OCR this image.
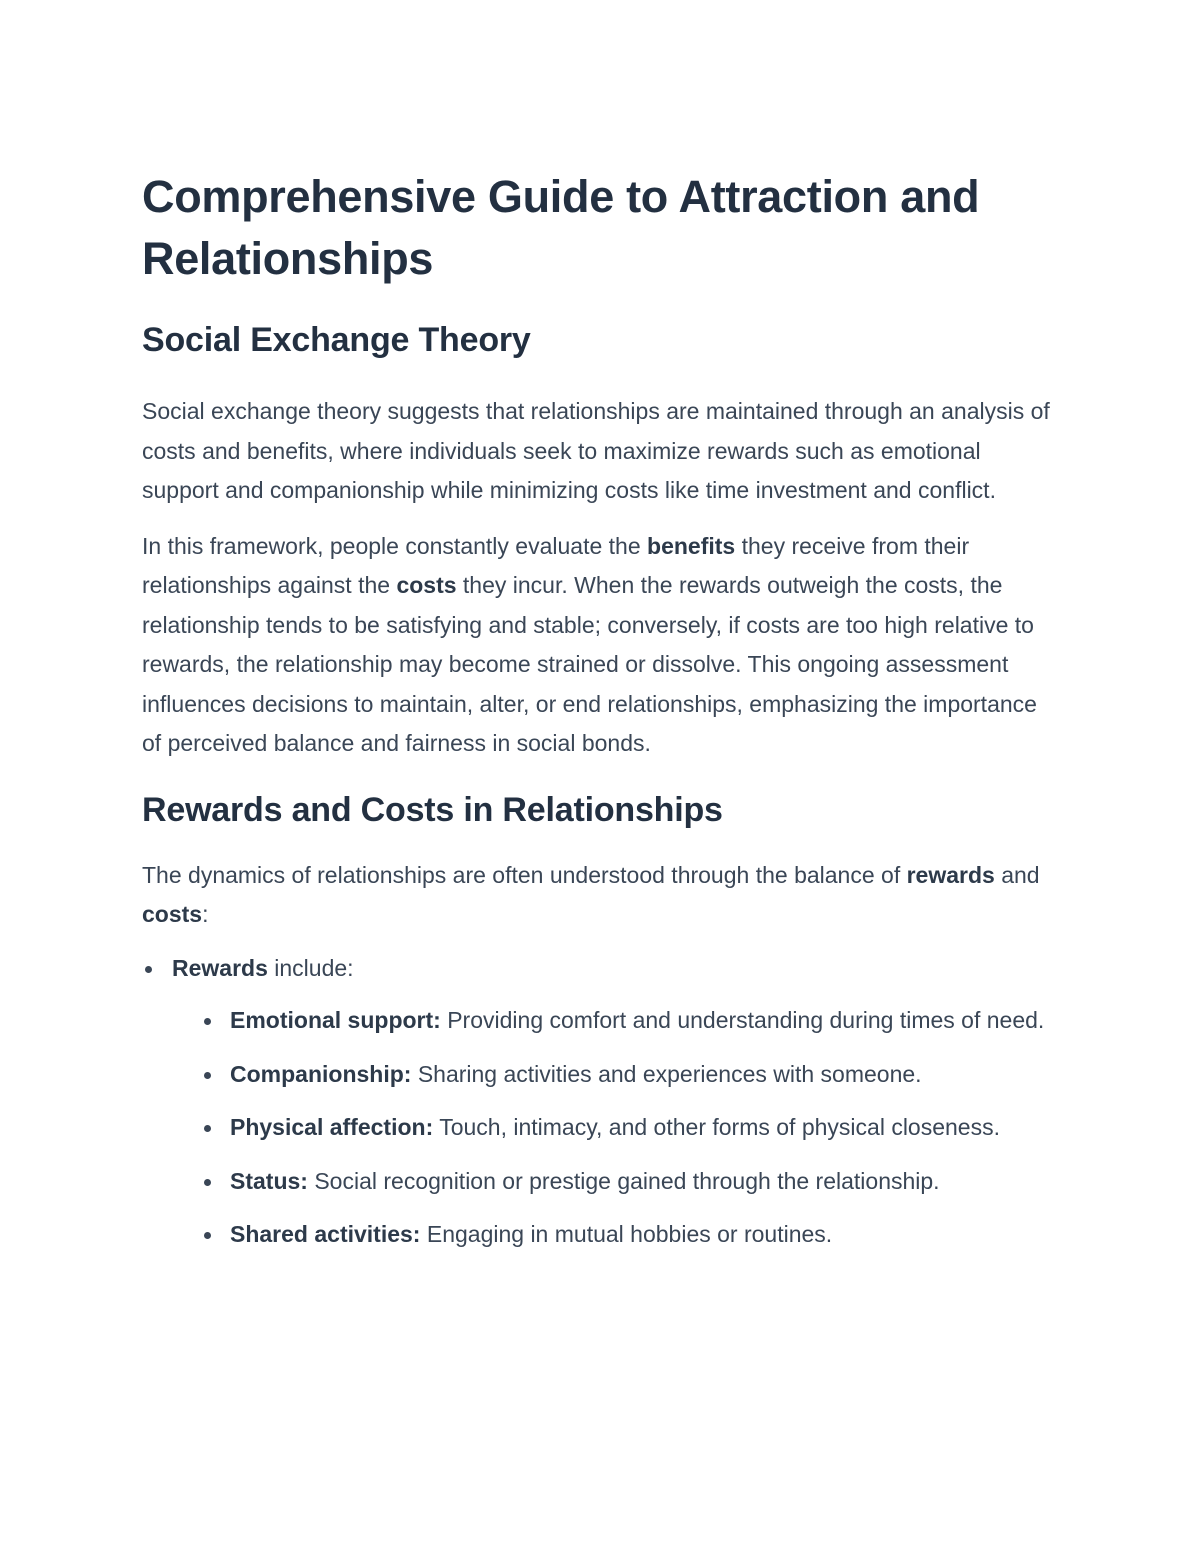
Comprehensive Guide to Attraction and Relationships
Social Exchange Theory

Social exchange theory suggests that relationships are maintained through an analysis of costs and benefits, where individuals seek to maximize rewards such as emotional support and companionship while minimizing costs like time investment and conflict.

In this framework, people constantly evaluate the benefits they receive from their relationships against the costs they incur. When the rewards outweigh the costs, the relationship tends to be satisfying and stable; conversely, if costs are too high relative to rewards, the relationship may become strained or dissolve. This ongoing assessment influences decisions to maintain, alter, or end relationships, emphasizing the importance of perceived balance and fairness in social bonds.

Rewards and Costs in Relationships

The dynamics of relationships are often understood through the balance of rewards and costs:

Rewards include:
Emotional support: Providing comfort and understanding during times of need.
Companionship: Sharing activities and experiences with someone.
Physical affection: Touch, intimacy, and other forms of physical closeness.
Status: Social recognition or prestige gained through the relationship.
Shared activities: Engaging in mutual hobbies or routines.
